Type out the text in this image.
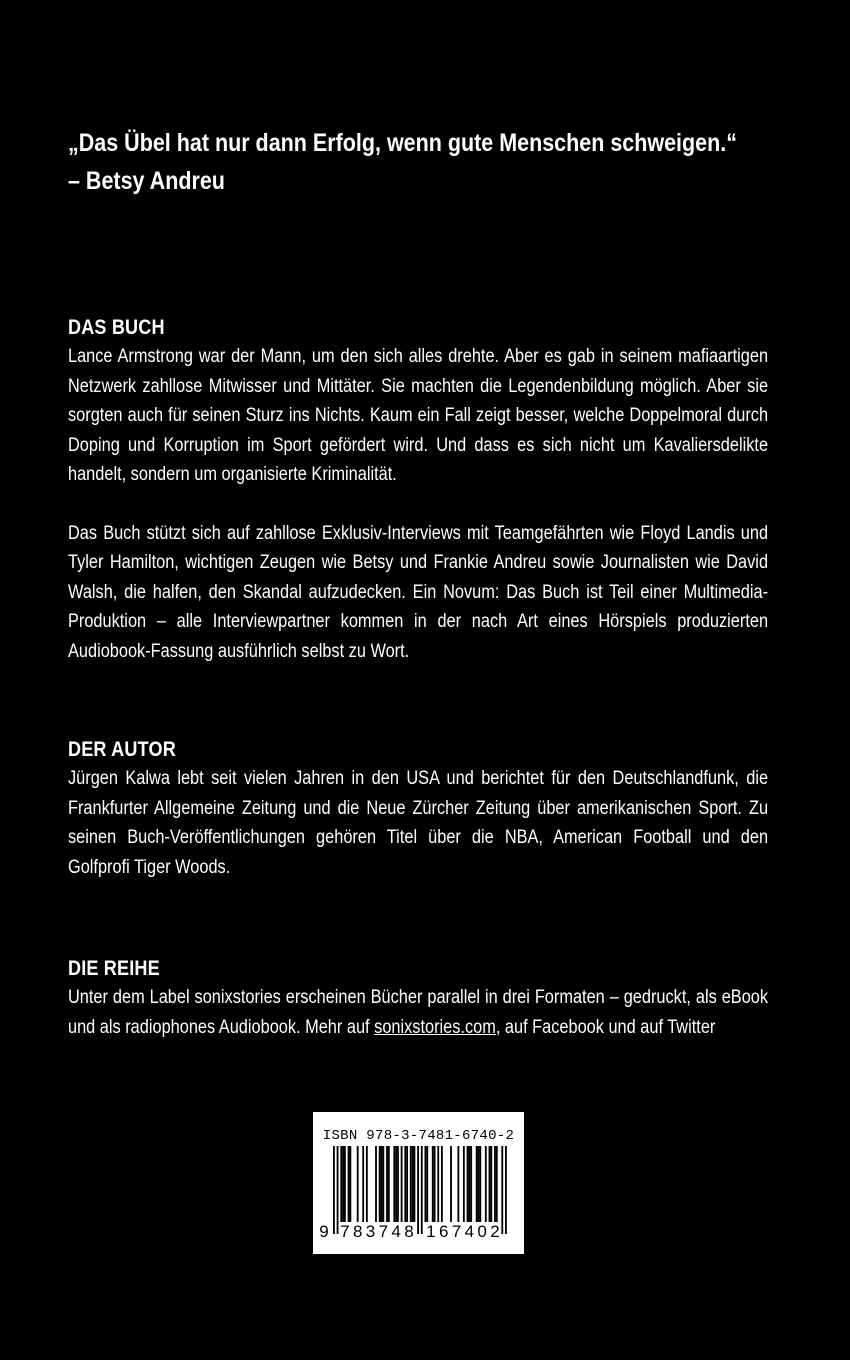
„Das Übel hat nur dann Erfolg, wenn gute Menschen schweigen.“
– Betsy Andreu
DAS BUCH

Lance Armstrong war der Mann, um den sich alles drehte. Aber es gab in seinem mafiaartigen Netzwerk zahllose Mitwisser und Mittäter. Sie machten die Legendenbildung möglich. Aber sie sorgten auch für seinen Sturz ins Nichts. Kaum ein Fall zeigt besser, welche Doppelmoral durch Doping und Korruption im Sport gefördert wird. Und dass es sich nicht um Kavaliersdelikte handelt, sondern um organisierte Kriminalität.

Das Buch stützt sich auf zahllose Exklusiv-Interviews mit Teamgefährten wie Floyd Landis und Tyler Hamilton, wichtigen Zeugen wie Betsy und Frankie Andreu sowie Journalisten wie David Walsh, die halfen, den Skandal aufzudecken. Ein Novum: Das Buch ist Teil einer Multimedia-Produktion – alle Interviewpartner kommen in der nach Art eines Hörspiels produzierten Audiobook-Fassung ausführlich selbst zu Wort.

DER AUTOR

Jürgen Kalwa lebt seit vielen Jahren in den USA und berichtet für den Deutschlandfunk, die Frankfurter Allgemeine Zeitung und die Neue Zürcher Zeitung über amerikanischen Sport. Zu seinen Buch-Veröffentlichungen gehören Titel über die NBA, American Football und den Golfprofi Tiger Woods.

DIE REIHE

Unter dem Label sonixstories erscheinen Bücher parallel in drei Formaten – gedruckt, als eBook und als radiophones Audiobook. Mehr auf sonixstories.com, auf Facebook und auf Twitter

ISBN 978-3-7481-6740-2
9 7 8 3 7 4 8 1 6 7 4 0 2
